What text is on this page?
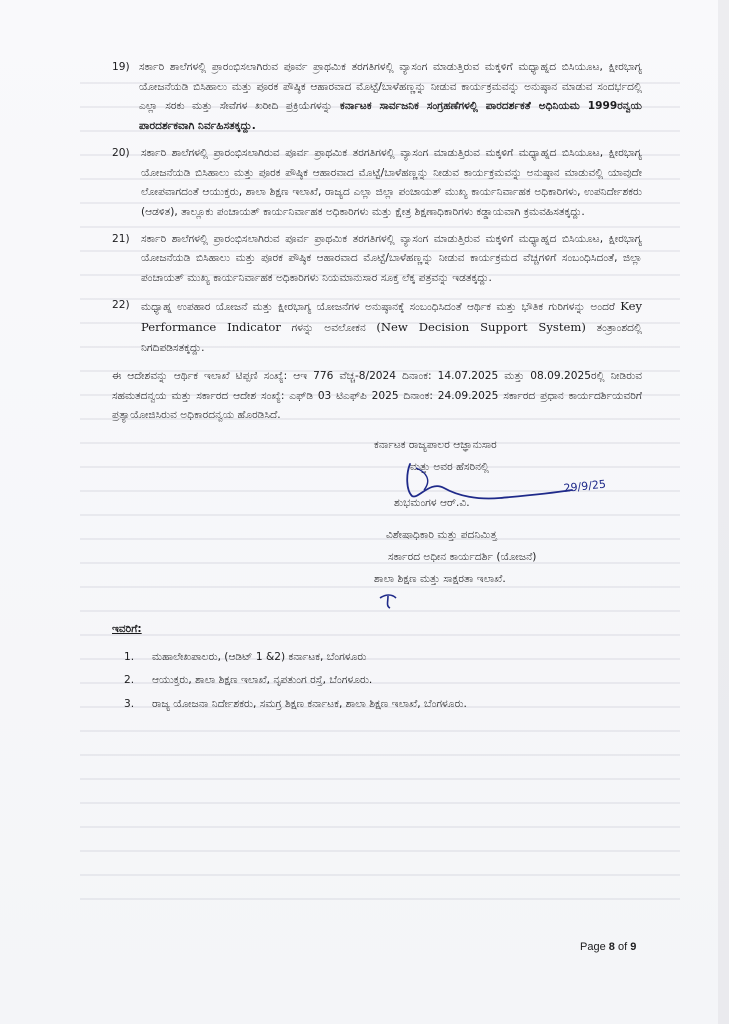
19) ಸರ್ಕಾರಿ ಶಾಲೆಗಳಲ್ಲಿ ಪ್ರಾರಂಭಿಸಲಾಗಿರುವ ಪೂರ್ವ ಪ್ರಾಥಮಿಕ ತರಗತಿಗಳಲ್ಲಿ ವ್ಯಾಸಂಗ ಮಾಡುತ್ತಿರುವ ಮಕ್ಕಳಿಗೆ ಮಧ್ಯಾಹ್ನದ ಬಿಸಿಯೂಟ, ಕ್ಷೀರಭಾಗ್ಯ ಯೋಜನೆಯಡಿ ಬಿಸಿಹಾಲು ಮತ್ತು ಪೂರಕ ಪೌಷ್ಠಿಕ ಆಹಾರವಾದ ಮೊಟ್ಟೆ/ಬಾಳೆಹಣ್ಣನ್ನು ನೀಡುವ ಕಾರ್ಯಕ್ರಮವನ್ನು ಅನುಷ್ಠಾನ ಮಾಡುವ ಸಂದರ್ಭದಲ್ಲಿ ಎಲ್ಲಾ ಸರಕು ಮತ್ತು ಸೇವೆಗಳ ಖರೀದಿ ಪ್ರಕ್ರಿಯೆಗಳನ್ನು ಕರ್ನಾಟಕ ಸಾರ್ವಜನಿಕ ಸಂಗ್ರಹಣೆಗಳಲ್ಲಿ ಪಾರದರ್ಶಕತೆ ಅಧಿನಿಯಮ 1999ರನ್ವಯ ಪಾರದರ್ಶಕವಾಗಿ ನಿರ್ವಹಿಸತಕ್ಕದ್ದು.
20)	ಸರ್ಕಾರಿ ಶಾಲೆಗಳಲ್ಲಿ ಪ್ರಾರಂಭಿಸಲಾಗಿರುವ ಪೂರ್ವ ಪ್ರಾಥಮಿಕ ತರಗತಿಗಳಲ್ಲಿ ವ್ಯಾಸಂಗ ಮಾಡುತ್ತಿರುವ ಮಕ್ಕಳಿಗೆ ಮಧ್ಯಾಹ್ನದ ಬಿಸಿಯೂಟ, ಕ್ಷೀರಭಾಗ್ಯ ಯೋಜನೆಯಡಿ ಬಿಸಿಹಾಲು ಮತ್ತು ಪೂರಕ ಪೌಷ್ಠಿಕ ಆಹಾರವಾದ ಮೊಟ್ಟೆ/ಬಾಳೆಹಣ್ಣನ್ನು ನೀಡುವ ಕಾರ್ಯಕ್ರಮವನ್ನು ಅನುಷ್ಠಾನ ಮಾಡುವಲ್ಲಿ ಯಾವುದೇ ಲೋಪವಾಗದಂತೆ ಆಯುಕ್ತರು, ಶಾಲಾ ಶಿಕ್ಷಣ ಇಲಾಖೆ, ರಾಜ್ಯದ ಎಲ್ಲಾ ಜಿಲ್ಲಾ ಪಂಚಾಯತ್ ಮುಖ್ಯ ಕಾರ್ಯನಿರ್ವಾಹಕ ಅಧಿಕಾರಿಗಳು, ಉಪನಿರ್ದೇಶಕರು (ಆಡಳಿತ), ತಾಲ್ಲೂಕು ಪಂಚಾಯತ್ ಕಾರ್ಯನಿರ್ವಾಹಕ ಅಧಿಕಾರಿಗಳು ಮತ್ತು ಕ್ಷೇತ್ರ ಶಿಕ್ಷಣಾಧಿಕಾರಿಗಳು ಕಡ್ಡಾಯವಾಗಿ ಕ್ರಮವಹಿಸತಕ್ಕದ್ದು.
21)	ಸರ್ಕಾರಿ ಶಾಲೆಗಳಲ್ಲಿ ಪ್ರಾರಂಭಿಸಲಾಗಿರುವ ಪೂರ್ವ ಪ್ರಾಥಮಿಕ ತರಗತಿಗಳಲ್ಲಿ ವ್ಯಾಸಂಗ ಮಾಡುತ್ತಿರುವ ಮಕ್ಕಳಿಗೆ ಮಧ್ಯಾಹ್ನದ ಬಿಸಿಯೂಟ, ಕ್ಷೀರಭಾಗ್ಯ ಯೋಜನೆಯಡಿ ಬಿಸಿಹಾಲು ಮತ್ತು ಪೂರಕ ಪೌಷ್ಠಿಕ ಆಹಾರವಾದ ಮೊಟ್ಟೆ/ಬಾಳೆಹಣ್ಣನ್ನು ನೀಡುವ ಕಾರ್ಯಕ್ರಮದ ವೆಚ್ಚಗಳಿಗೆ ಸಂಬಂಧಿಸಿದಂತೆ, ಜಿಲ್ಲಾ ಪಂಚಾಯತ್ ಮುಖ್ಯ ಕಾರ್ಯನಿರ್ವಾಹಕ ಅಧಿಕಾರಿಗಳು ನಿಯಮಾನುಸಾರ ಸೂಕ್ತ ಲೆಕ್ಕ ಪತ್ರವನ್ನು ಇಡತಕ್ಕದ್ದು.
22)	ಮಧ್ಯಾಹ್ನ ಉಪಹಾರ ಯೋಜನೆ ಮತ್ತು ಕ್ಷೀರಭಾಗ್ಯ ಯೋಜನೆಗಳ ಅನುಷ್ಠಾನಕ್ಕೆ ಸಂಬಂಧಿಸಿದಂತೆ ಆರ್ಥಿಕ ಮತ್ತು ಭೌತಿಕ ಗುರಿಗಳನ್ನು ಅಂದರೆ Key Performance Indicator ಗಳನ್ನು ಅವಲೋಕನ (New Decision Support System) ತಂತ್ರಾಂಶದಲ್ಲಿ ನಿಗದಿಪಡಿಸತಕ್ಕದ್ದು.

ಈ ಆದೇಶವನ್ನು ಆರ್ಥಿಕ ಇಲಾಖೆ ಟಿಪ್ಪಣಿ ಸಂಖ್ಯೆ: ಆಇ 776 ವೆಚ್ಚ-8/2024 ದಿನಾಂಕ: 14.07.2025 ಮತ್ತು 08.09.2025ರಲ್ಲಿ ನೀಡಿರುವ ಸಹಮತದನ್ವಯ ಮತ್ತು ಸರ್ಕಾರದ ಆದೇಶ ಸಂಖ್ಯೆ: ಎಫ್‌ಡಿ 03 ಟಿಎಫ್‌ಪಿ 2025 ದಿನಾಂಕ: 24.09.2025 ಸರ್ಕಾರದ ಪ್ರಧಾನ ಕಾರ್ಯದರ್ಶಿಯವರಿಗೆ ಪ್ರತ್ಯಾಯೋಜಿಸಿರುವ ಅಧಿಕಾರದನ್ವಯ ಹೊರಡಿಸಿದೆ.

ಕರ್ನಾಟಕ ರಾಜ್ಯಪಾಲರ ಆಜ್ಞಾನುಸಾರ
ಮತ್ತು ಅವರ ಹೆಸರಿನಲ್ಲಿ
29/9/25
ಶುಭಮಂಗಳ ಆರ್.ವಿ.
ವಿಶೇಷಾಧಿಕಾರಿ ಮತ್ತು ಪದನಿಮಿತ್ತ
ಸರ್ಕಾರದ ಅಧೀನ ಕಾರ್ಯದರ್ಶಿ (ಯೋಜನೆ)
ಶಾಲಾ ಶಿಕ್ಷಣ ಮತ್ತು ಸಾಕ್ಷರತಾ ಇಲಾಖೆ.
ಇವರಿಗೆ:
1.	ಮಹಾಲೇಖಪಾಲರು, (ಆಡಿಟ್ 1 &2) ಕರ್ನಾಟಕ, ಬೆಂಗಳೂರು
2.	ಆಯುಕ್ತರು, ಶಾಲಾ ಶಿಕ್ಷಣ ಇಲಾಖೆ, ನೃಪತುಂಗ ರಸ್ತೆ, ಬೆಂಗಳೂರು.
3.	ರಾಜ್ಯ ಯೋಜನಾ ನಿರ್ದೇಶಕರು, ಸಮಗ್ರ ಶಿಕ್ಷಣ ಕರ್ನಾಟಕ, ಶಾಲಾ ಶಿಕ್ಷಣ ಇಲಾಖೆ, ಬೆಂಗಳೂರು.
Page 8 of 9
